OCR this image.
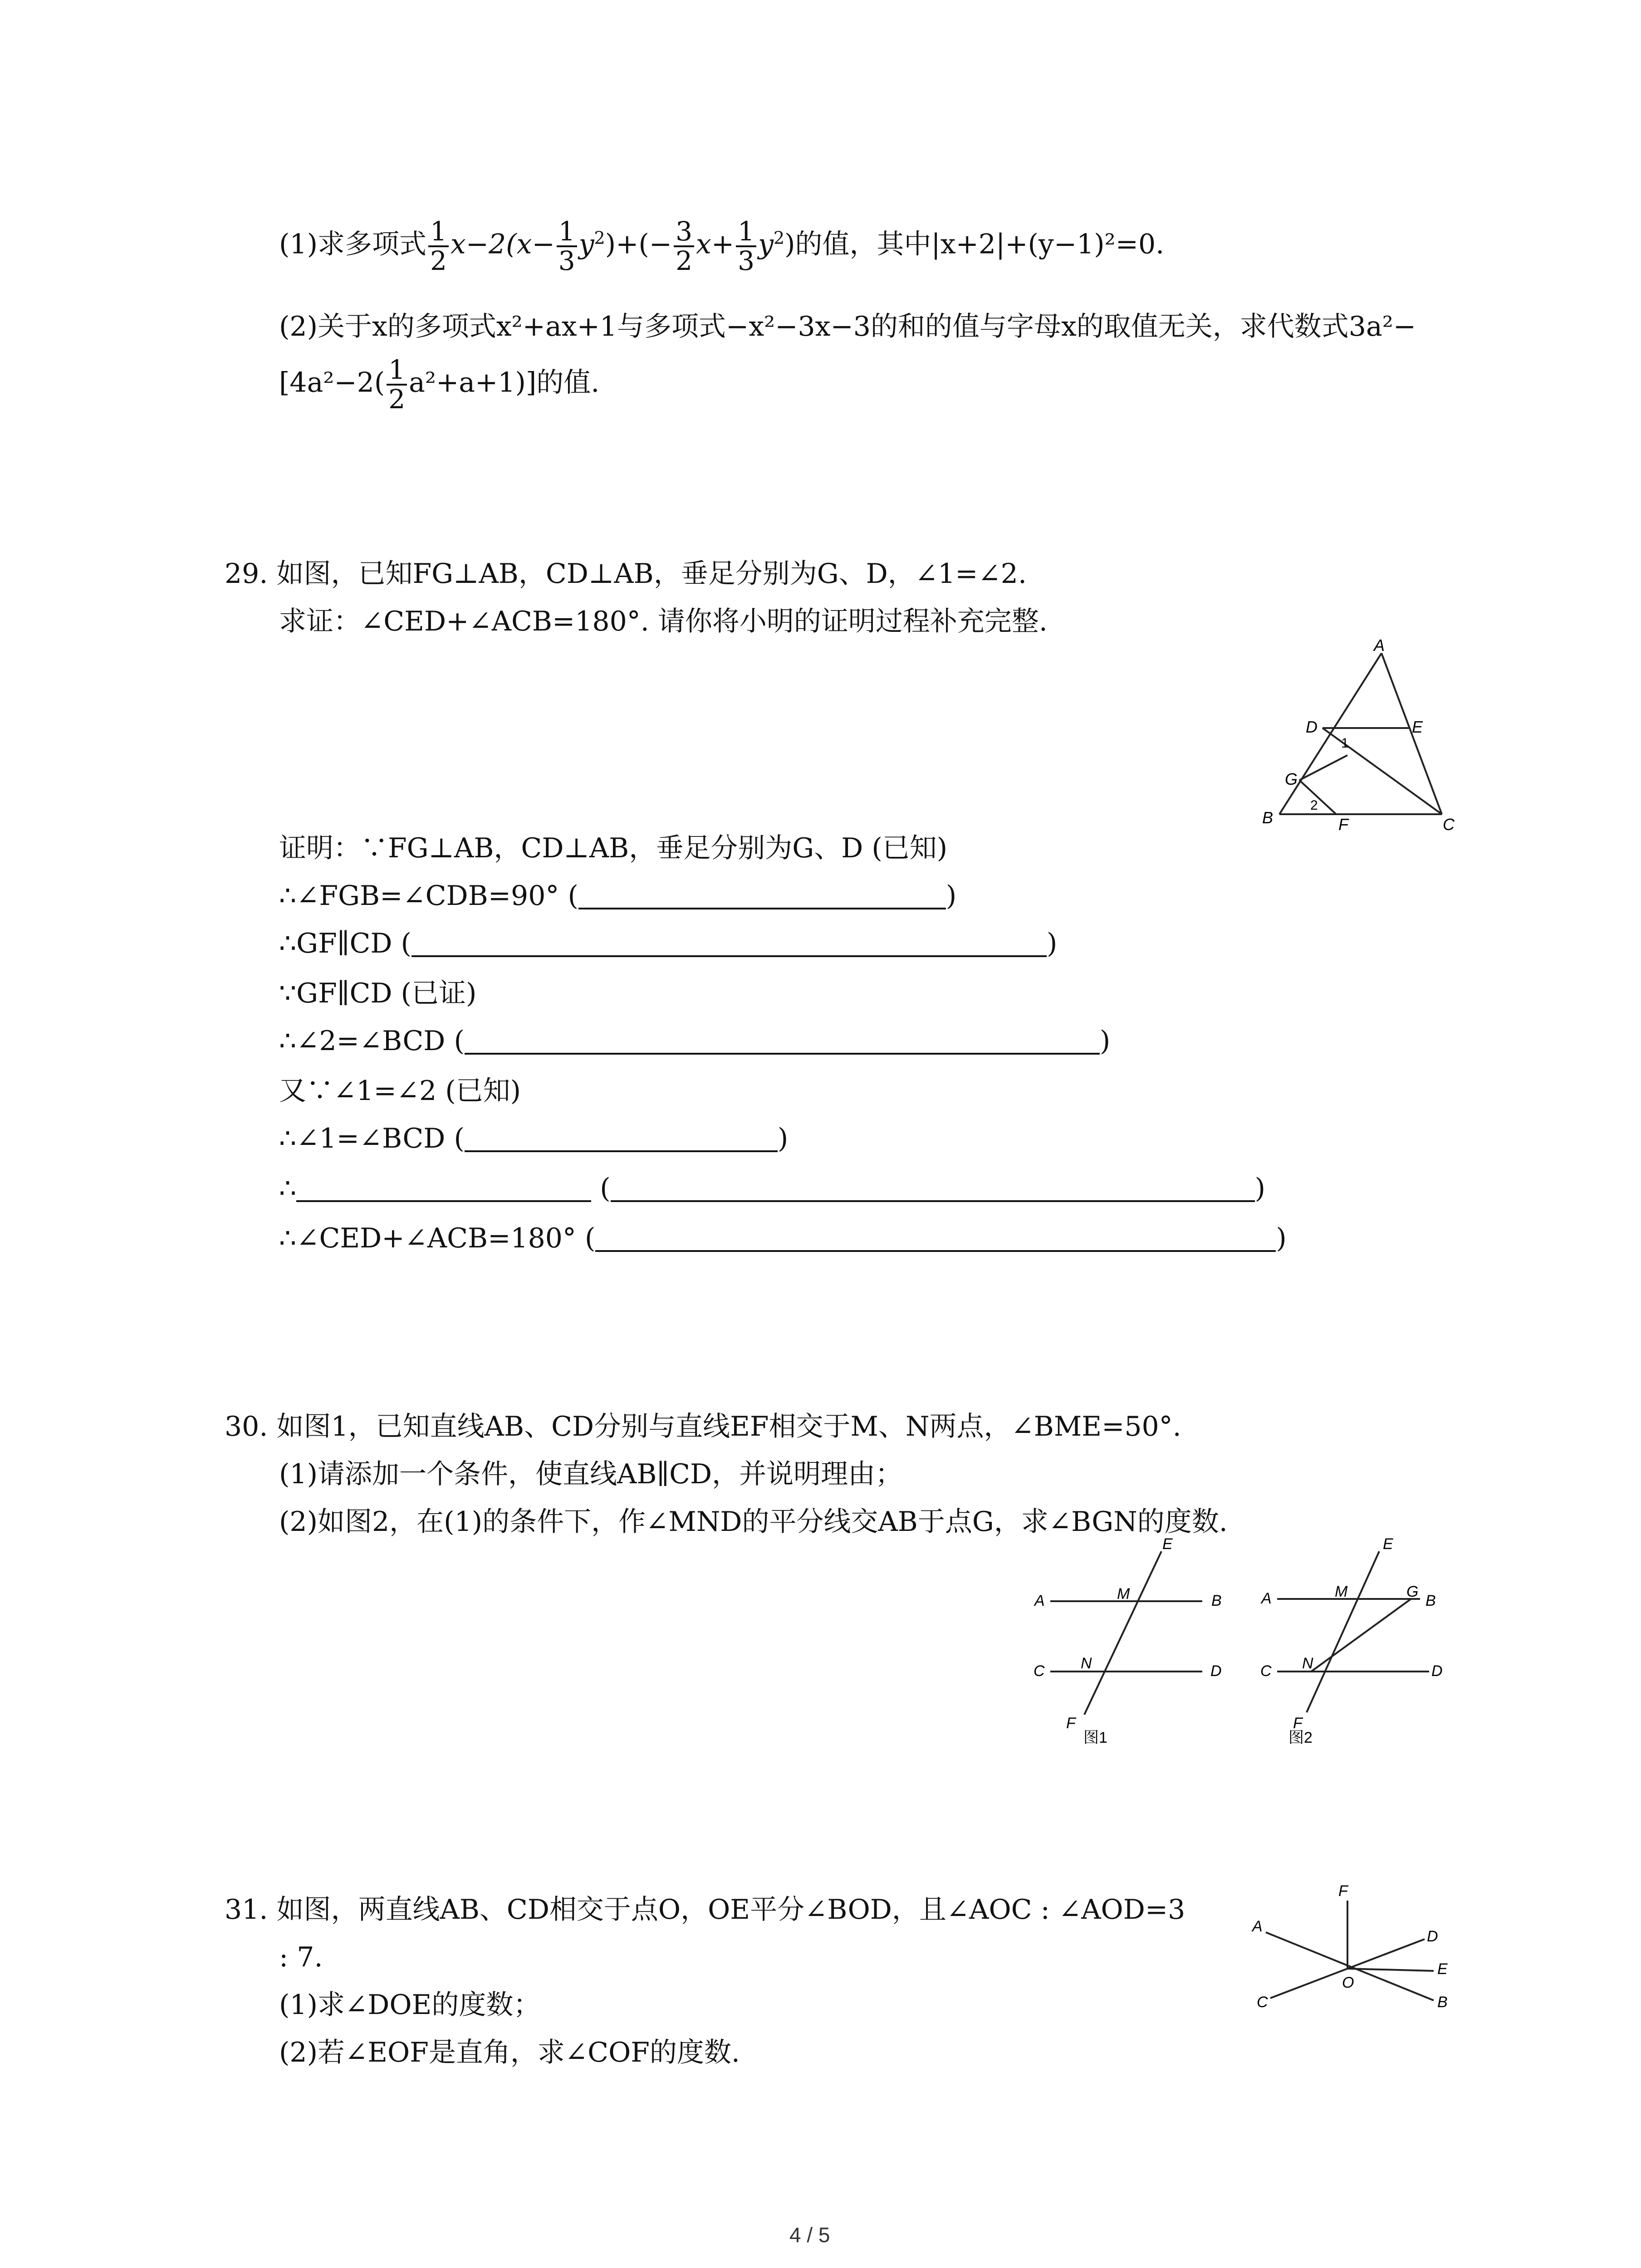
(1)求多项式 $\frac{1}{2} x-2(x- \frac{1}{3} y^2)+(- \frac{3}{2} x+ \frac{1}{3} y^2)$的值，其中|x+2|+(y−1)²=0.
(2)关于x的多项式x²+ax+1与多项式−x²−3x−3的和的值与字母x的取值无关，求代数式3a²−
$[4a^2-2( \frac{1}{2} a^2+a+1)]$的值.
29. 如图，已知FG⊥AB，CD⊥AB，垂足分别为G、D，∠1=∠2.
求证：∠CED+∠ACB=180°. 请你将小明的证明过程补充完整.
A
D	E
G
B	F	C
1
2
证明：∵FG⊥AB，CD⊥AB，垂足分别为G、D (已知)
∴∠FGB=∠CDB=90° (	)
∴GF∥CD (	)
∵GF∥CD (已证)
∴∠2=∠BCD (	)
又∵∠1=∠2 (已知)
∴∠1=∠BCD (	)
∴	(	)
∴∠CED+∠ACB=180° (	)
30. 如图1，已知直线AB、CD分别与直线EF相交于M、N两点，∠BME=50°.
(1)请添加一个条件，使直线AB∥CD，并说明理由；
(2)如图2，在(1)的条件下，作∠MND的平分线交AB于点G，求∠BGN的度数.
E
A	M	B
C N	D
F
图1
E
A	M	G
B
C N	D
F
图2
31. 如图，两直线AB、CD相交于点O，OE平分∠BOD，且∠AOC : ∠AOD=3
: 7.
(1)求∠DOE的度数；
(2)若∠EOF是直角，求∠COF的度数.
F
A
D
E
B
C
O
4 / 5
